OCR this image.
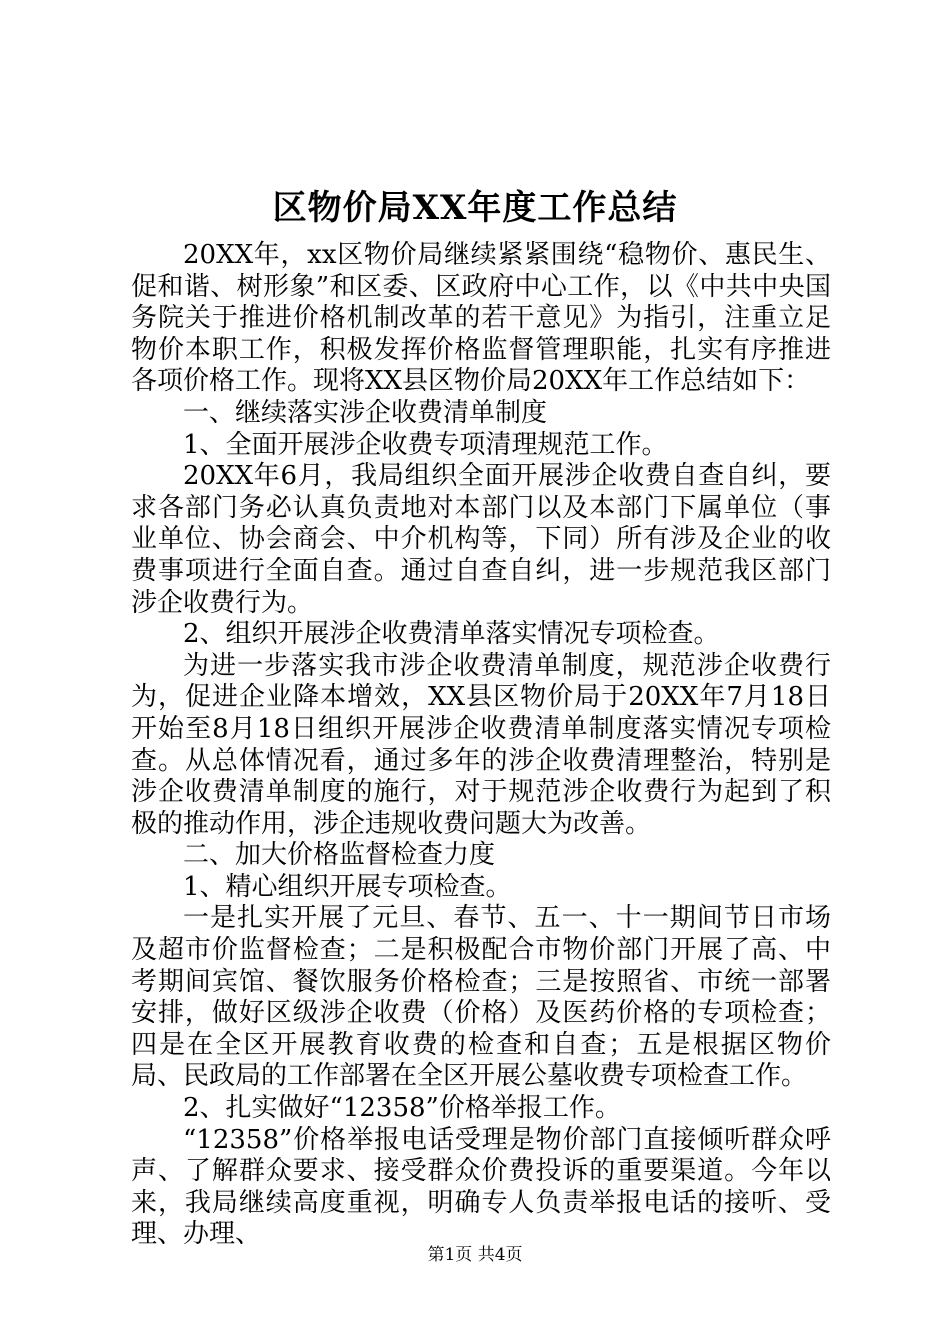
区物价局XX年度工作总结

20XX年，xx区物价局继续紧紧围绕“稳物价、惠民生、促和谐、树形象”和区委、区政府中心工作，以《中共中央国务院关于推进价格机制改革的若干意见》为指引，注重立足物价本职工作，积极发挥价格监督管理职能，扎实有序推进各项价格工作。现将XX县区物价局20XX年工作总结如下：

一、继续落实涉企收费清单制度

1、全面开展涉企收费专项清理规范工作。

20XX年6月，我局组织全面开展涉企收费自查自纠，要求各部门务必认真负责地对本部门以及本部门下属单位（事业单位、协会商会、中介机构等，下同）所有涉及企业的收费事项进行全面自查。通过自查自纠，进一步规范我区部门涉企收费行为。

2、组织开展涉企收费清单落实情况专项检查。

为进一步落实我市涉企收费清单制度，规范涉企收费行为，促进企业降本增效，XX县区物价局于20XX年7月18日开始至8月18日组织开展涉企收费清单制度落实情况专项检查。从总体情况看，通过多年的涉企收费清理整治，特别是涉企收费清单制度的施行，对于规范涉企收费行为起到了积极的推动作用，涉企违规收费问题大为改善。

二、加大价格监督检查力度

1、精心组织开展专项检查。

一是扎实开展了元旦、春节、五一、十一期间节日市场及超市价监督检查；二是积极配合市物价部门开展了高、中考期间宾馆、餐饮服务价格检查；三是按照省、市统一部署安排，做好区级涉企收费（价格）及医药价格的专项检查；四是在全区开展教育收费的检查和自查；五是根据区物价局、民政局的工作部署在全区开展公墓收费专项检查工作。

2、扎实做好“12358”价格举报工作。

“12358”价格举报电话受理是物价部门直接倾听群众呼声、了解群众要求、接受群众价费投诉的重要渠道。今年以来，我局继续高度重视，明确专人负责举报电话的接听、受理、办理、

第1页 共4页
